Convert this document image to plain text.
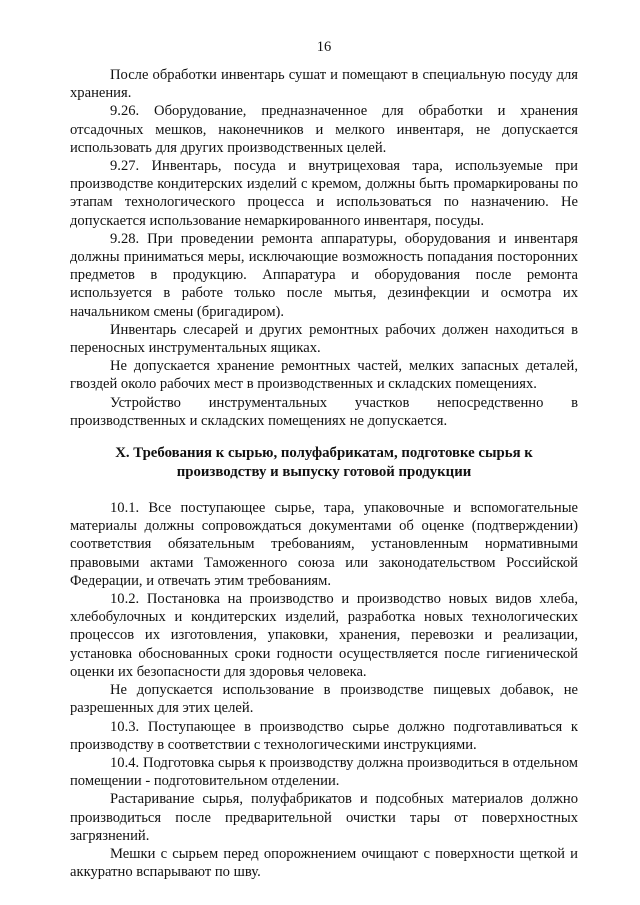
16

После обработки инвентарь сушат и помещают в специальную посуду для хранения.

9.26. Оборудование, предназначенное для обработки и хранения отсадочных мешков, наконечников и мелкого инвентаря, не допускается использовать для других производственных целей.

9.27. Инвентарь, посуда и внутрицеховая тара, используемые при производстве кондитерских изделий с кремом, должны быть промаркированы по этапам технологического процесса и использоваться по назначению. Не допускается использование немаркированного инвентаря, посуды.

9.28. При проведении ремонта аппаратуры, оборудования и инвентаря должны приниматься меры, исключающие возможность попадания посторонних предметов в продукцию. Аппаратура и оборудования после ремонта используется в работе только после мытья, дезинфекции и осмотра их начальником смены (бригадиром).

Инвентарь слесарей и других ремонтных рабочих должен находиться в переносных инструментальных ящиках.

Не допускается хранение ремонтных частей, мелких запасных деталей, гвоздей около рабочих мест в производственных и складских помещениях.

Устройство инструментальных участков непосредственно в производственных и складских помещениях не допускается.

X. Требования к сырью, полуфабрикатам, подготовке сырья к производству и выпуску готовой продукции

10.1. Все поступающее сырье, тара, упаковочные и вспомогательные материалы должны сопровождаться документами об оценке (подтверждении) соответствия обязательным требованиям, установленным нормативными правовыми актами Таможенного союза или законодательством Российской Федерации, и отвечать этим требованиям.

10.2. Постановка на производство и производство новых видов хлеба, хлебобулочных и кондитерских изделий, разработка новых технологических процессов их изготовления, упаковки, хранения, перевозки и реализации, установка обоснованных сроки годности осуществляется после гигиенической оценки их безопасности для здоровья человека.

Не допускается использование в производстве пищевых добавок, не разрешенных для этих целей.

10.3. Поступающее в производство сырье должно подготавливаться к производству в соответствии с технологическими инструкциями.

10.4. Подготовка сырья к производству должна производиться в отдельном помещении - подготовительном отделении.

Растаривание сырья, полуфабрикатов и подсобных материалов должно производиться после предварительной очистки тары от поверхностных загрязнений.

Мешки с сырьем перед опорожнением очищают с поверхности щеткой и аккуратно вспарывают по шву.
